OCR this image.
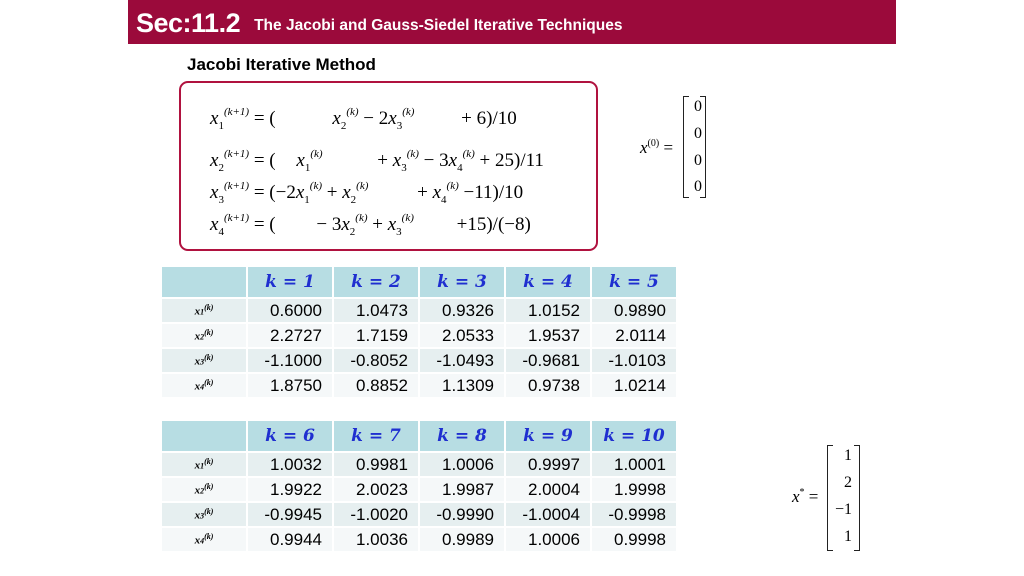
Sec:11.2 The Jacobi and Gauss-Siedel Iterative Techniques
Jacobi Iterative Method
$x_1^{(k+1)}$ = (	$x_2^{(k)} - 2x_3^{(k)} + 6)/10$
$x_2^{(k+1)}$ = ( $x_1^{(k)}$	+ $x_3^{(k)} - 3x_4^{(k)} + 25)/11$
$x_3^{(k+1)} = (-2x_1^{(k)} + x_2^{(k)}$	+ $x_4^{(k)} -11)/10$
$x_4^{(k+1)}$ = ( − $3x_2^{(k)} + x_3^{(k)} +15)/(-8)$
$x^{(0)}$ =
0
0
0
0
	k = 1	k = 2	k = 3	k = 4	k = 5
x1$^{(k)}$	0.6000	1.0473	0.9326	1.0152	0.9890
x2$^{(k)}$	2.2727	1.7159	2.0533	1.9537	2.0114
x3$^{(k)}$	-1.1000	-0.8052	-1.0493	-0.9681	-1.0103
x4$^{(k)}$	1.8750	0.8852	1.1309	0.9738	1.0214
	k = 6	k = 7	k = 8	k = 9	k = 10
x1$^{(k)}$	1.0032	0.9981	1.0006	0.9997	1.0001
x2$^{(k)}$	1.9922	2.0023	1.9987	2.0004	1.9998
x3$^{(k)}$	-0.9945	-1.0020	-0.9990	-1.0004	-0.9998
x4$^{(k)}$	0.9944	1.0036	0.9989	1.0006	0.9998
x* =
1
2
−1
1
